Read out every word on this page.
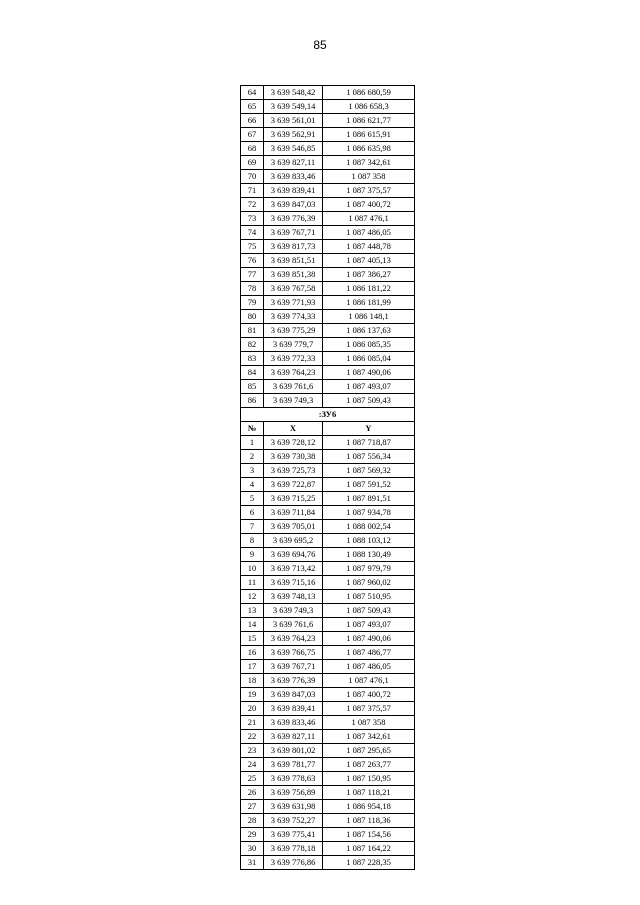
85
64	3 639 548,42	1 086 680,59
65	3 639 549,14	1 086 658,3
66	3 639 561,01	1 086 621,77
67	3 639 562,91	1 086 615,91
68	3 639 546,85	1 086 635,98
69	3 639 827,11	1 087 342,61
70	3 639 833,46	1 087 358
71	3 639 839,41	1 087 375,57
72	3 639 847,03	1 087 400,72
73	3 639 776,39	1 087 476,1
74	3 639 767,71	1 087 486,05
75	3 639 817,73	1 087 448,78
76	3 639 851,51	1 087 405,13
77	3 639 851,38	1 087 386,27
78	3 639 767,58	1 086 181,22
79	3 639 771,93	1 086 181,99
80	3 639 774,33	1 086 148,1
81	3 639 775,29	1 086 137,63
82	3 639 779,7	1 086 085,35
83	3 639 772,33	1 086 085,04
84	3 639 764,23	1 087 490,06
85	3 639 761,6	1 087 493,07
86	3 639 749,3	1 087 509,43
:ЗУ6		
№	X	Y
1	3 639 728,12	1 087 718,87
2	3 639 730,38	1 087 556,34
3	3 639 725,73	1 087 569,32
4	3 639 722,87	1 087 591,52
5	3 639 715,25	1 087 891,51
6	3 639 711,84	1 087 934,78
7	3 639 705,01	1 088 002,54
8	3 639 695,2	1 088 103,12
9	3 639 694,76	1 088 130,49
10	3 639 713,42	1 087 979,79
11	3 639 715,16	1 087 960,02
12	3 639 748,13	1 087 510,95
13	3 639 749,3	1 087 509,43
14	3 639 761,6	1 087 493,07
15	3 639 764,23	1 087 490,06
16	3 639 766,75	1 087 486,77
17	3 639 767,71	1 087 486,05
18	3 639 776,39	1 087 476,1
19	3 639 847,03	1 087 400,72
20	3 639 839,41	1 087 375,57
21	3 639 833,46	1 087 358
22	3 639 827,11	1 087 342,61
23	3 639 801,02	1 087 295,65
24	3 639 781,77	1 087 263,77
25	3 639 778,63	1 087 150,95
26	3 639 756,89	1 087 118,21
27	3 639 631,98	1 086 954,18
28	3 639 752,27	1 087 118,36
29	3 639 775,41	1 087 154,56
30	3 639 778,18	1 087 164,22
31	3 639 776,86	1 087 228,35
